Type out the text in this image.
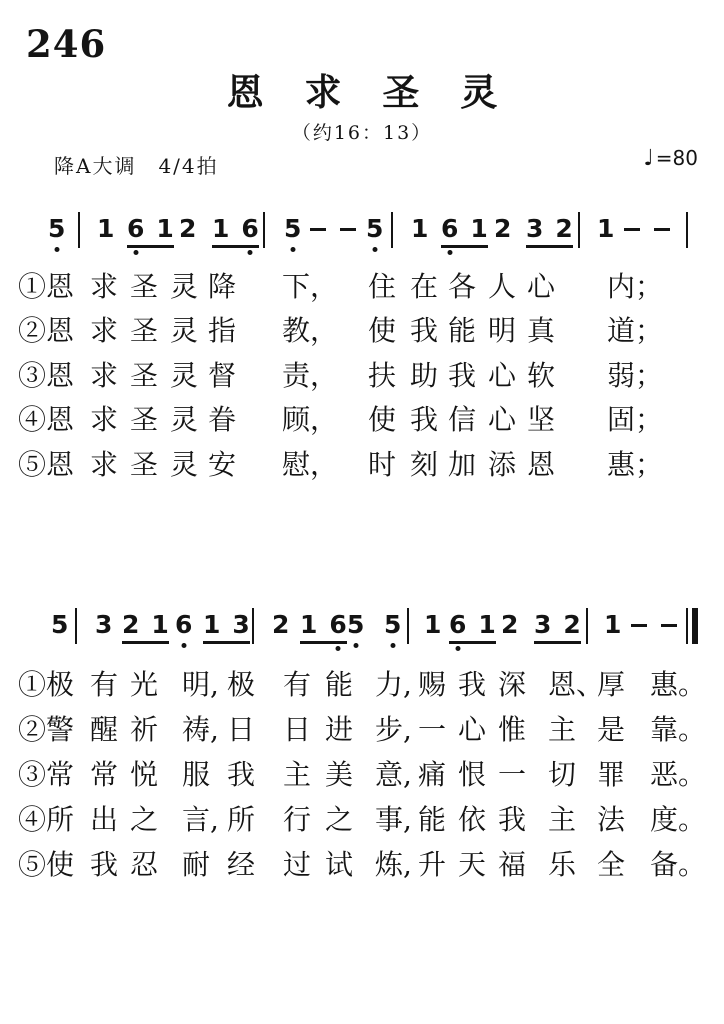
246
恩 求 圣 灵
（约16：13）
降A大调　4/4拍	♩ =80
5 1 6 1 2 1 6 5	5 1 6 1 2 3 2 1
①恩 求 圣 灵 降 下， 住 在 各 人 心 内；
②恩 求 圣 灵 指 教， 使 我 能 明 真 道；
③恩 求 圣 灵 督 责， 扶 助 我 心 软 弱；
④恩 求 圣 灵 眷 顾， 使 我 信 心 坚 固；
⑤恩 求 圣 灵 安 慰， 时 刻 加 添 恩 惠；
5 3 2 1 6 1 3 2 1 6 5 5 1 6 1 2 3 2 1
①极 有 光 明, 极 有 能 力, 赐 我 深 恩、
厚 惠。
②警 醒 祈 祷, 日 日 进 步, 一 心 惟 主 是 靠。
③常 常 悦 服 我 主 美 意, 痛 恨 一 切 罪 恶。
④所 出 之 言, 所 行 之 事, 能 依 我 主 法 度。
⑤使 我 忍 耐 经 过 试 炼, 升 天 福 乐 全 备。
